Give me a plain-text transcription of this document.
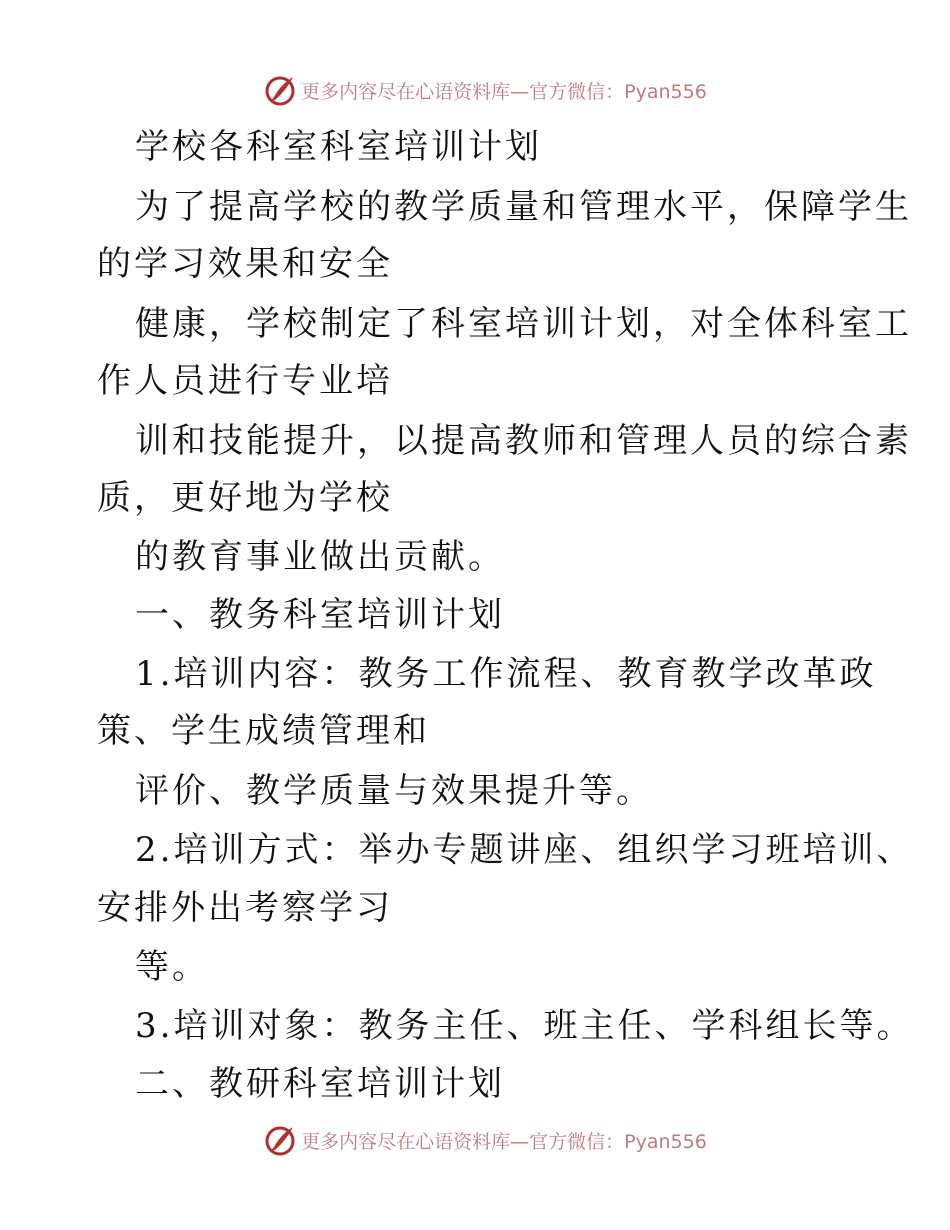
更多内容尽在心语资料库—官方微信：Pyan556
学校各科室科室培训计划
为了提高学校的教学质量和管理水平，保障学生
的学习效果和安全
健康，学校制定了科室培训计划，对全体科室工
作人员进行专业培
训和技能提升，以提高教师和管理人员的综合素
质，更好地为学校
的教育事业做出贡献。
一、教务科室培训计划
1.培训内容：教务工作流程、教育教学改革政
策、学生成绩管理和
评价、教学质量与效果提升等。
2.培训方式：举办专题讲座、组织学习班培训、
安排外出考察学习
等。
3.培训对象：教务主任、班主任、学科组长等。
二、教研科室培训计划
更多内容尽在心语资料库—官方微信：Pyan556
